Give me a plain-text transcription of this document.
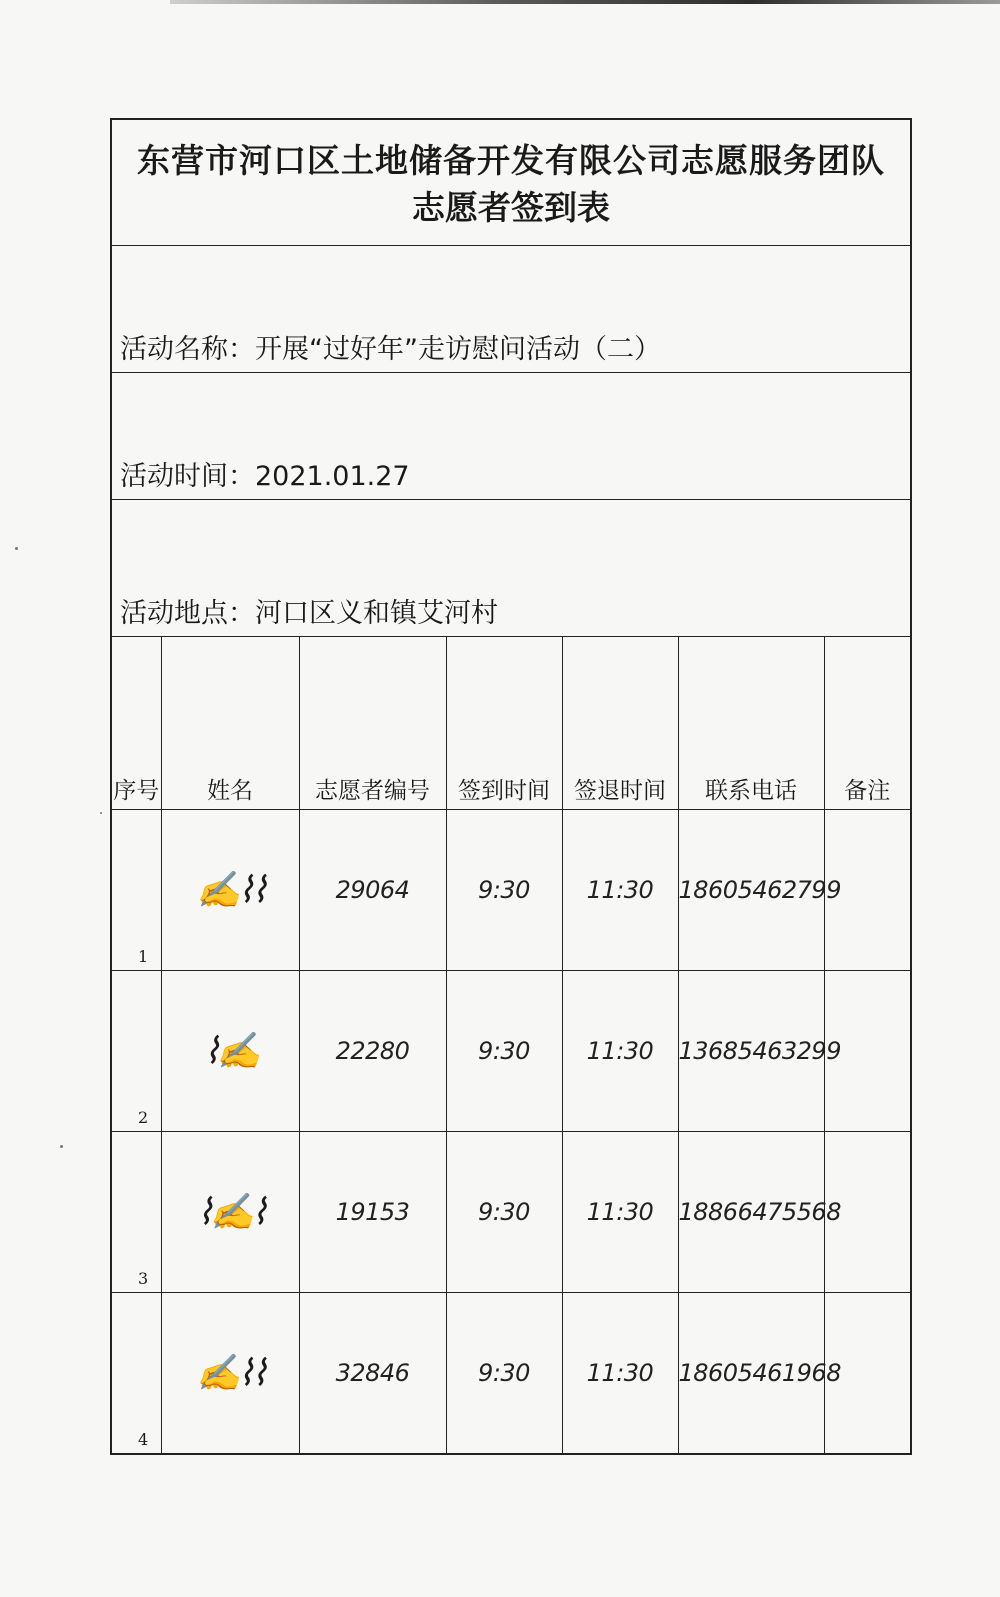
东营市河口区土地储备开发有限公司志愿服务团队
志愿者签到表						

活动名称：开展“过好年”走访慰问活动（二）						
活动时间：2021.01.27						
活动地点：河口区义和镇艾河村						
序号	姓名	志愿者编号	签到时间	签退时间	联系电话	备注
1	✍⌇⌇	29064	9:30	11:30	18605462799	
2	⌇✍	22280	9:30	11:30	13685463299	
3	⌇✍⌇	19153	9:30	11:30	18866475568	
4	✍⌇⌇	32846	9:30	11:30	18605461968	
